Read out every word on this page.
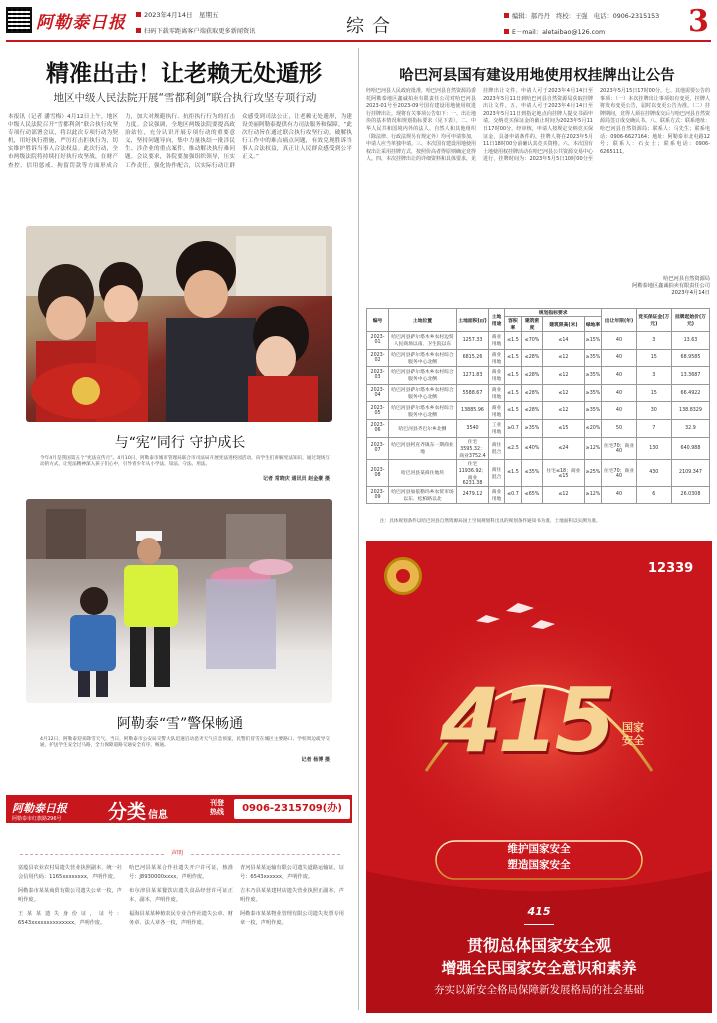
阿勒泰日报	2023年4月14日　 星期五
扫码下载零距离客户端获取更多新闻资讯	综合	编辑：郝丹丹　终校：王强　 电话：0906-2315153
E－mail：aletaibao@126.com	3
精准出击！让老赖无处遁形
地区中级人民法院开展“雪都利剑”联合执行攻坚专项行动
本报讯（记者 潘雪梅）4月12日上午，地区中级人民法院召开“雪都利剑”联合执行攻坚专项行动部署会议，将以此次专项行动为契机，用好执行措施，严厉打击拒执行为，切实维护胜诉当事人合法权益。此次行动，全市两级法院将持续打好执行攻坚战，在财产查控、信用惩戒、拘留罚款等方面形成合力，加大对规避执行、抗拒执行行为的打击力度。会议强调，全地区两级法院要提高政治站位，充分认识开展专项行动的重要意义，坚持问题导向，集中力量执结一批涉民生、涉企业的重点案件，推动解决执行难问题。会议要求，各院要加强组织领导，压实工作责任，强化协作配合，以实际行动让群众感受到司法公正，让老赖无处遁形，为建设美丽阿勒泰提供有力司法服务和保障。“此次行动旨在通过联合执行攻坚行动，破解执行工作中的难点痛点问题，有效兑现胜诉当事人合法权益，真正让人民群众感受到公平正义。”
与“宪”同行 守护成长
今年4月是我国第五个“宪法宣传月”。4月10日，阿勒泰市城市管理局联合市司法局开展宪法进校园活动，向学生们讲解宪法知识，通过现场互动的方式，让宪法精神深入孩子们心中，引导青少年从小学法、知法、守法、用法。
记者 常晓庆 通讯员 赵金豪 摄
阿勒泰“雪”警保畅通
4月12日，阿勒泰迎来降雪天气。当日，阿勒泰市公安局交警大队迅速启动恶劣天气应急预案，民警们冒雪在城区主要路口、学校周边疏导交通，护送学生安全过马路，全力保障道路交通安全有序、畅通。
记者 杨博 摄
阿勒泰日报
阿勒泰市红旗路296号 分类 信息
刊登
热线	0906-2315709(办)
声明

富蕴县农业农村局遗失营业执照副本，统一社会信用代码：1165xxxxxxxx，声明作废。

阿勒泰市某某商贸有限公司遗失公章一枚，声明作废。

王某某遗失身份证，证号：6543xxxxxxxxxxxxxx，声明作废。

哈巴河县某某合作社遗失开户许可证，核准号：J8930000xxxx，声明作废。

布尔津县某某餐饮店遗失食品经营许可证正本、副本，声明作废。

福海县某某种植农民专业合作社遗失公章、财务章、法人章各一枚，声明作废。

青河县某某运输有限公司遗失道路运输证，证号：6543xxxxxx，声明作废。

吉木乃县某某建材店遗失营业执照正副本，声明作废。

阿勒泰市某某物业管理有限公司遗失发票专用章一枚，声明作废。

哈巴河县国有建设用地使用权挂牌出让公告
经哈巴河县人民政府批准，哈巴河县自然资源局委托阿勒泰地区鑫诚拍卖有限责任公司对哈巴河县2023-01号至2023-09号国有建设用地使用权进行挂牌出让。现将有关事项公告如下：一、出让地块的基本情况和规划指标要求（见下表）。二、中华人民共和国境内外的法人、自然人和其他组织（除法律、行政法规另有规定外）均可申请参加，申请人应当单独申请。三、本次国有建设用地使用权出让采用挂牌方式，按照价高者得原则确定竞得人。四、本次挂牌出让的详细资料和具体要求，见挂牌出让文件。申请人可于2023年4月14日至2023年5月11日到哈巴河县自然资源局获取挂牌出让文件。五、申请人可于2023年4月14日至2023年5月11日到指定地点向挂牌人提交书面申请。交纳竞买保证金的截止时间为2023年5月11日17时00分。经审核，申请人按规定交纳竞买保证金，具备申请条件的，挂牌人将在2023年5月11日18时00分前确认其竞买资格。六、本次国有土地使用权挂牌活动在哈巴河县公共资源交易中心进行，挂牌时间为：2023年5月5日10时00分至2023年5月15日17时00分。七、其他需要公告的事项：（一）本次挂牌出让事项如有变更，挂牌人将发布变更公告，届时以变更公告为准。（二）挂牌期间，竞得人须在挂牌成交后与哈巴河县自然资源局签订成交确认书。八、联系方式：联系地址：哈巴河县自然资源局；联系人：马先生；联系电话：0906-6627164；地址：阿勒泰市北屯路12号；联系人：石女士；联系电话：0906-6265111。
哈巴河县自然资源局
阿勒泰地区鑫诚拍卖有限责任公司
2023年4月14日
编号	土地位置	土地面积(㎡)	土地用途	规划指标要求				出让年限(年)	竞买保证金(万元)	挂牌起始价(万元)
				容积率	建筑密度	建筑限高(米)	绿地率			
2023-01	哈巴河县萨尔塔木乡农村边贸人民商场以南、卫生院以东	1257.33	商业用地	≤1.5	≤70%	≤14	≥15%	40	3	13.63
2023-02	哈巴河县萨尔塔木乡农村综合服务中心北侧	6815.26	商业用地	≤1.5	≤28%	≤12	≥35%	40	15	68.9585
2023-03	哈巴河县萨尔塔木乡农村综合服务中心北侧	1271.83	商业用地	≤1.5	≤28%	≤12	≥35%	40	3	13.3687
2023-04	哈巴河县萨尔塔木乡农村综合服务中心北侧	5588.67	商业用地	≤1.5	≤28%	≤12	≥35%	40	15	66.4922
2023-05	哈巴河县萨尔塔木乡农村综合服务中心北侧	13885.96	商业用地	≤1.5	≤28%	≤12	≥35%	40	30	138.8329
2023-06	哈巴河县齐巴尔乡北侧	3540	工业用地	≥0.7	≥35%	≤15	≤20%	50	7	32.9
2023-07	哈巴河县阿克齐镇东一期商业地	住宅3595.32；商业3752.4	商住混合	≤2.5	≤40%	≤24	≥12%	住宅70；商业40	130	640.988
2023-08	哈巴河县某商住地块	住宅11936.92；商业6231.38	商住混合	≤1.5	≤35%	住宅≤18；商业≤15	≥25%	住宅70；商业40	430	2109.347
2023-09	哈巴河县加依勒玛乡农贸市场以东、松柏路以北	2479.12	商业用地	≤0.7	≤65%	≤12	≥12%	40	6	26.0308
注：具体规划条件以哈巴河县自然资源局国土空间规划科出具的规划条件通知书为准，土地面积以实测为准。
12339
415 国家安全
维护国家安全
塑造国家安全
415
贯彻总体国家安全观
增强全民国家安全意识和素养
夯实以新安全格局保障新发展格局的社会基础
